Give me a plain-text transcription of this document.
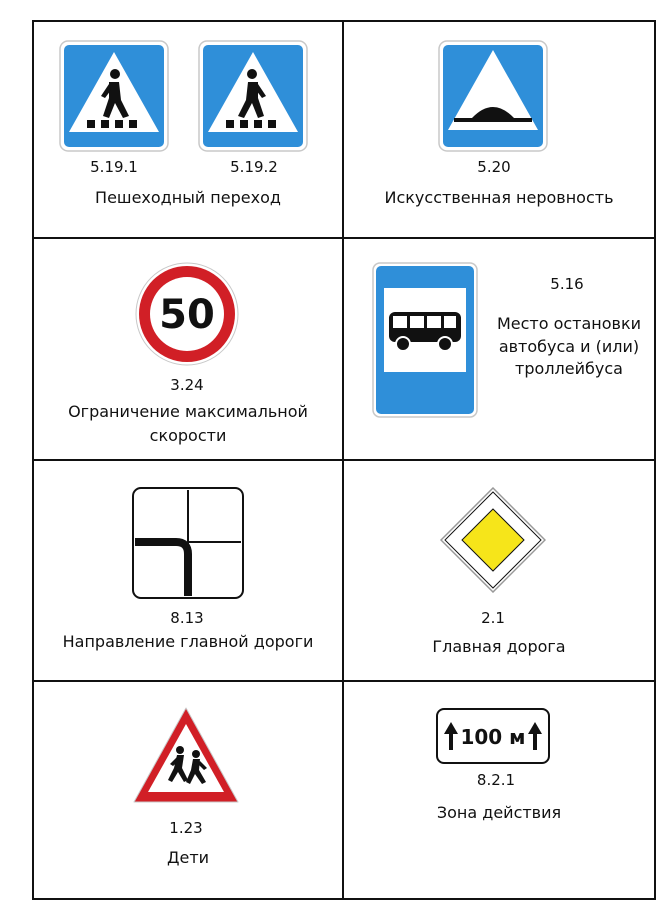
5.19.1	5.19.2
Пешеходный переход
5.20
Искусственная неровность
50
3.24
Ограничение максимальной
скорости
5.16
Место остановки
автобуса и (или)
троллейбуса
8.13
Направление главной дороги
2.1
Главная дорога
1.23
Дети
100 м
8.2.1
Зона действия
